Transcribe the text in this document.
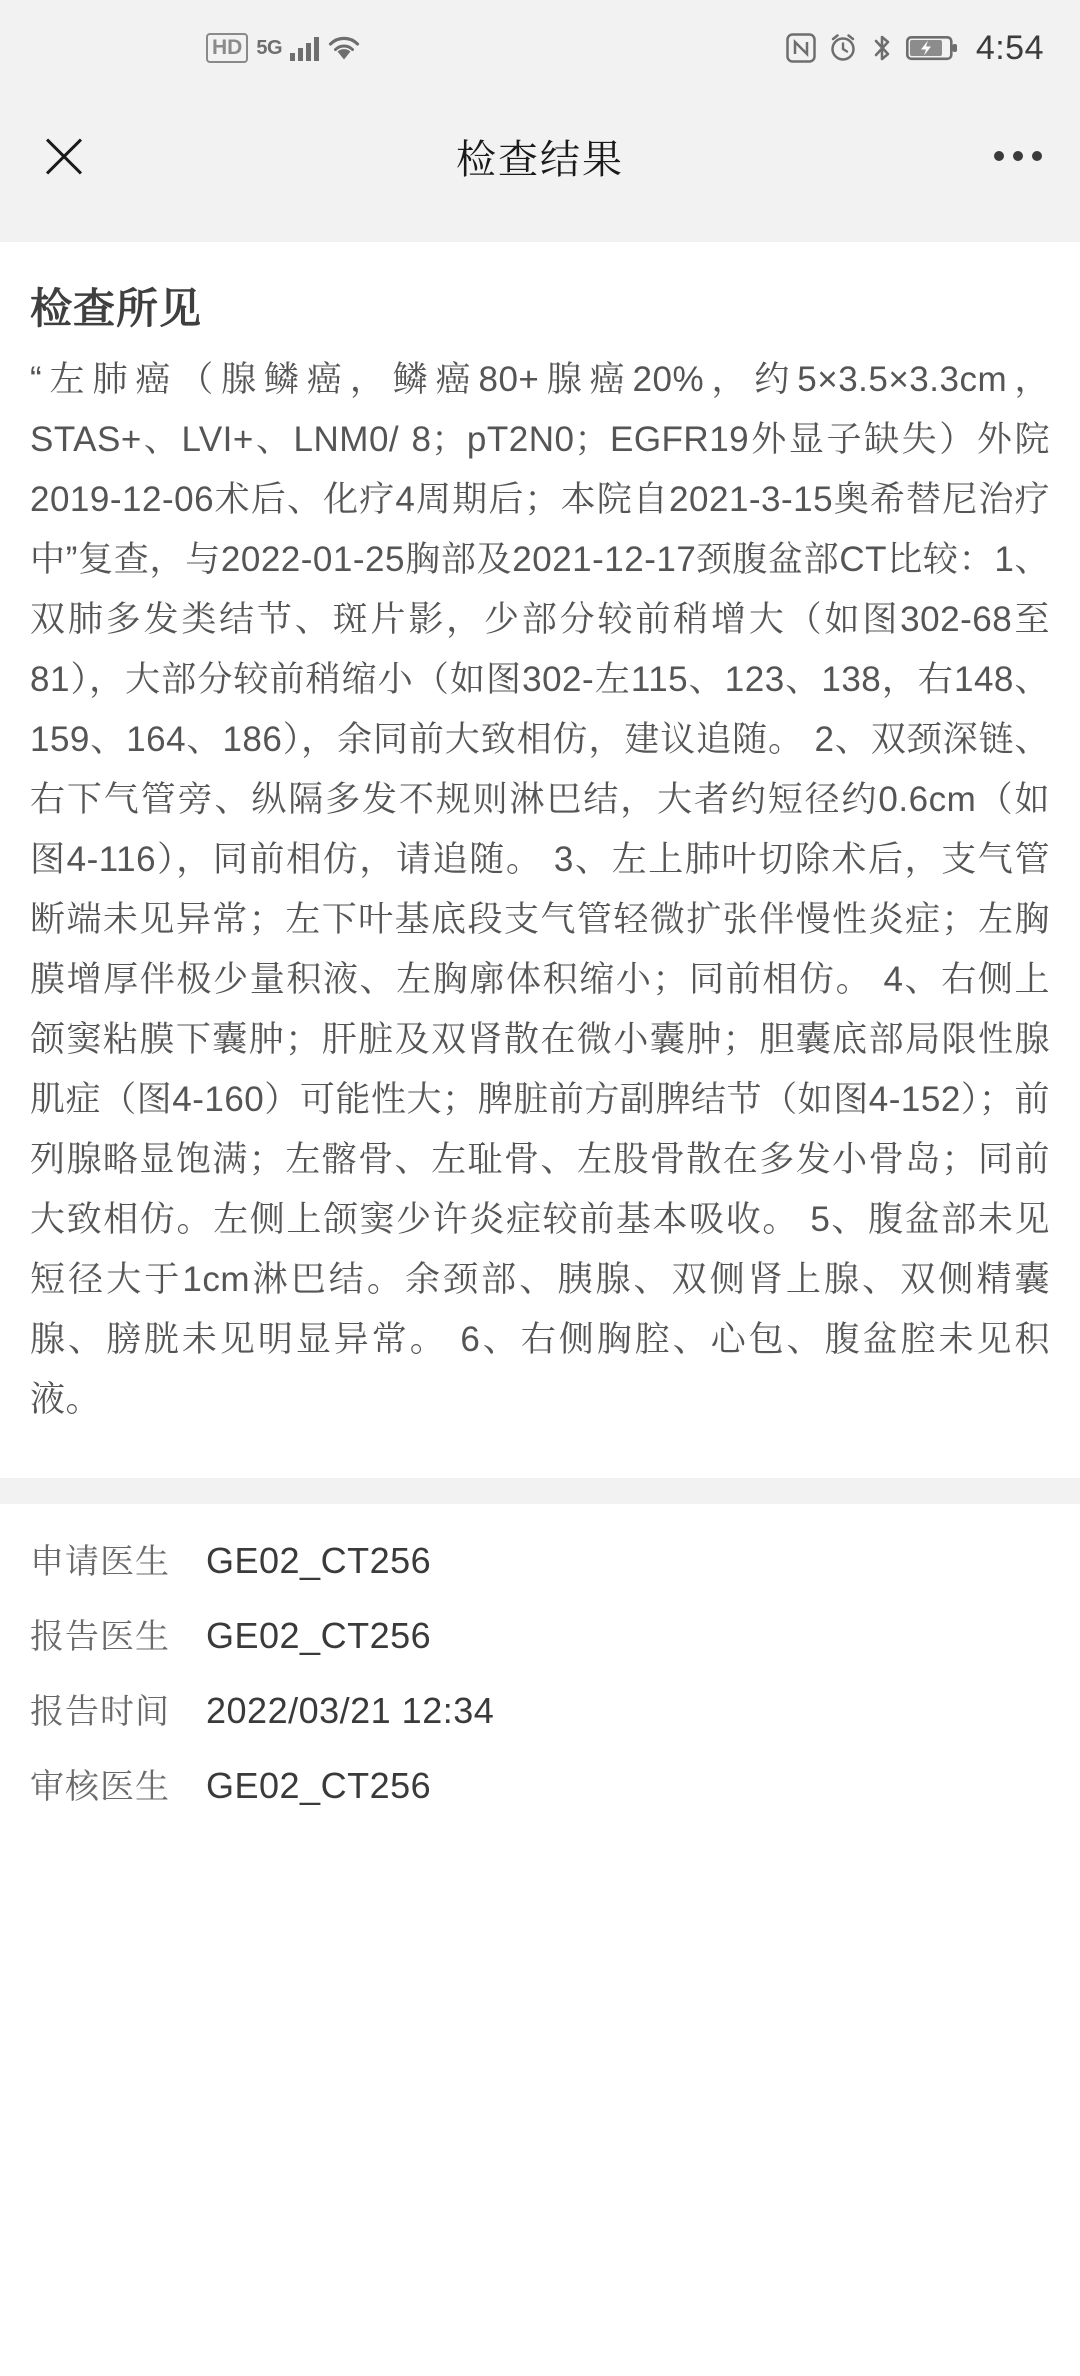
HD 5G	4:54
检查结果
检查所见
“左肺癌（腺鳞癌，鳞癌80+腺癌20%，约5×3.5×3.3cm，STAS+、LVI+、LNM0/ 8；pT2N0；EGFR19外显子缺失）外院2019-12-06术后、化疗4周期后；本院自2021-3-15奥希替尼治疗中”复查，与2022-01-25胸部及2021-12-17颈腹盆部CT比较：1、双肺多发类结节、斑片影，少部分较前稍增大（如图302-68至81），大部分较前稍缩小（如图302-左115、123、138，右148、159、164、186），余同前大致相仿，建议追随。 2、双颈深链、右下气管旁、纵隔多发不规则淋巴结，大者约短径约0.6cm（如图4-116），同前相仿，请追随。 3、左上肺叶切除术后，支气管断端未见异常；左下叶基底段支气管轻微扩张伴慢性炎症；左胸膜增厚伴极少量积液、左胸廓体积缩小；同前相仿。 4、右侧上颌窦粘膜下囊肿；肝脏及双肾散在微小囊肿；胆囊底部局限性腺肌症（图4-160）可能性大；脾脏前方副脾结节（如图4-152）；前列腺略显饱满；左髂骨、左耻骨、左股骨散在多发小骨岛；同前大致相仿。左侧上颌窦少许炎症较前基本吸收。 5、腹盆部未见短径大于1cm淋巴结。余颈部、胰腺、双侧肾上腺、双侧精囊腺、膀胱未见明显异常。 6、右侧胸腔、心包、腹盆腔未见积液。
申请医生	GE02_CT256
报告医生	GE02_CT256
报告时间	2022/03/21 12:34
审核医生	GE02_CT256
